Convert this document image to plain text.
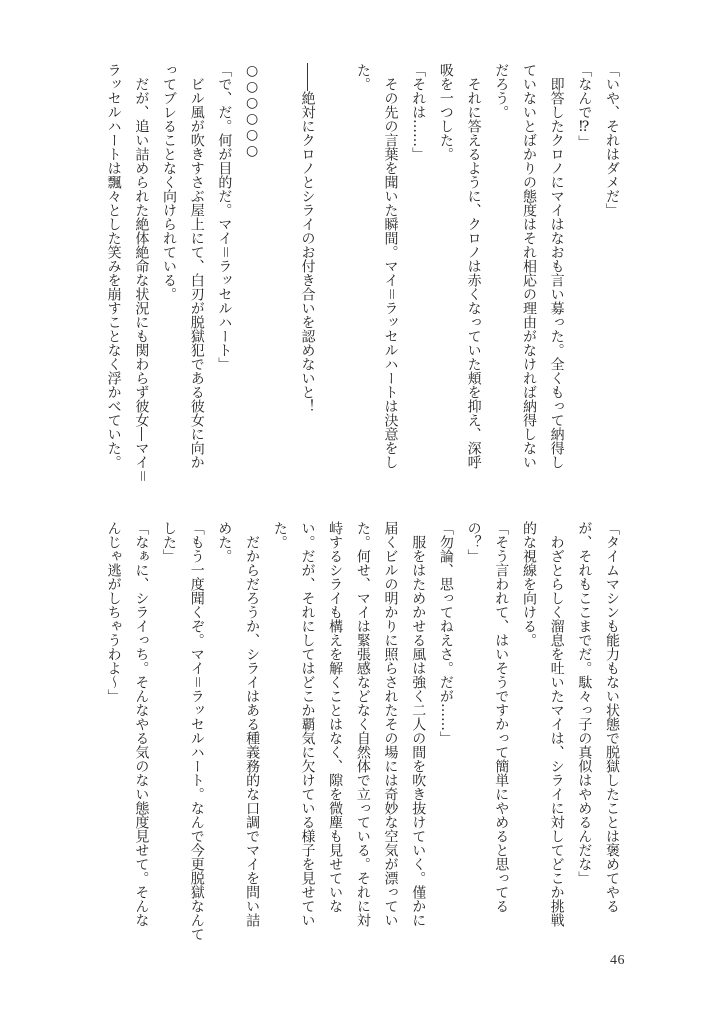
「いや、それはダメだ」
「なんで⁉」
　即答したクロノにマイはなおも言い募った。全くもって納得し
ていないとばかりの態度はそれ相応の理由がなければ納得しない
だろう。
　それに答えるように、クロノは赤くなっていた頬を抑え、深呼
吸を一つした。
「それは……」
　その先の言葉を聞いた瞬間。マイ＝ラッセルハートは決意をし
た。
――絶対にクロノとシライのお付き合いを認めないと！
○○○○○○
「で、だ。何が目的だ。マイ＝ラッセルハート」
　ビル風が吹きすさぶ屋上にて、白刃が脱獄犯である彼女に向か
ってブレることなく向けられている。
　だが、追い詰められた絶体絶命な状況にも関わらず彼女―マイ＝
ラッセルハートは飄々とした笑みを崩すことなく浮かべていた。
「タイムマシンも能力もない状態で脱獄したことは褒めてやる
が、それもここまでだ。駄々っ子の真似はやめるんだな」
　わざとらしく溜息を吐いたマイは、シライに対してどこか挑戦
的な視線を向ける。
「そう言われて、はいそうですかって簡単にやめると思ってる
の？」
「勿論、思ってねえさ。だが……」
　服をはためかせる風は強く二人の間を吹き抜けていく。僅かに
届くビルの明かりに照らされたその場には奇妙な空気が漂ってい
た。何せ、マイは緊張感などなく自然体で立っている。それに対
峙するシライも構えを解くことはなく、隙を微塵も見せていな
い。だが、それにしてはどこか覇気に欠けている様子を見せてい
た。
　だからだろうか、シライはある種義務的な口調でマイを問い詰
めた。
「もう一度聞くぞ。マイ＝ラッセルハート。なんで今更脱獄なんて
した」
「なぁに、シライっち。そんなやる気のない態度見せて。そんな
んじゃ逃がしちゃうわよ〜」
46
